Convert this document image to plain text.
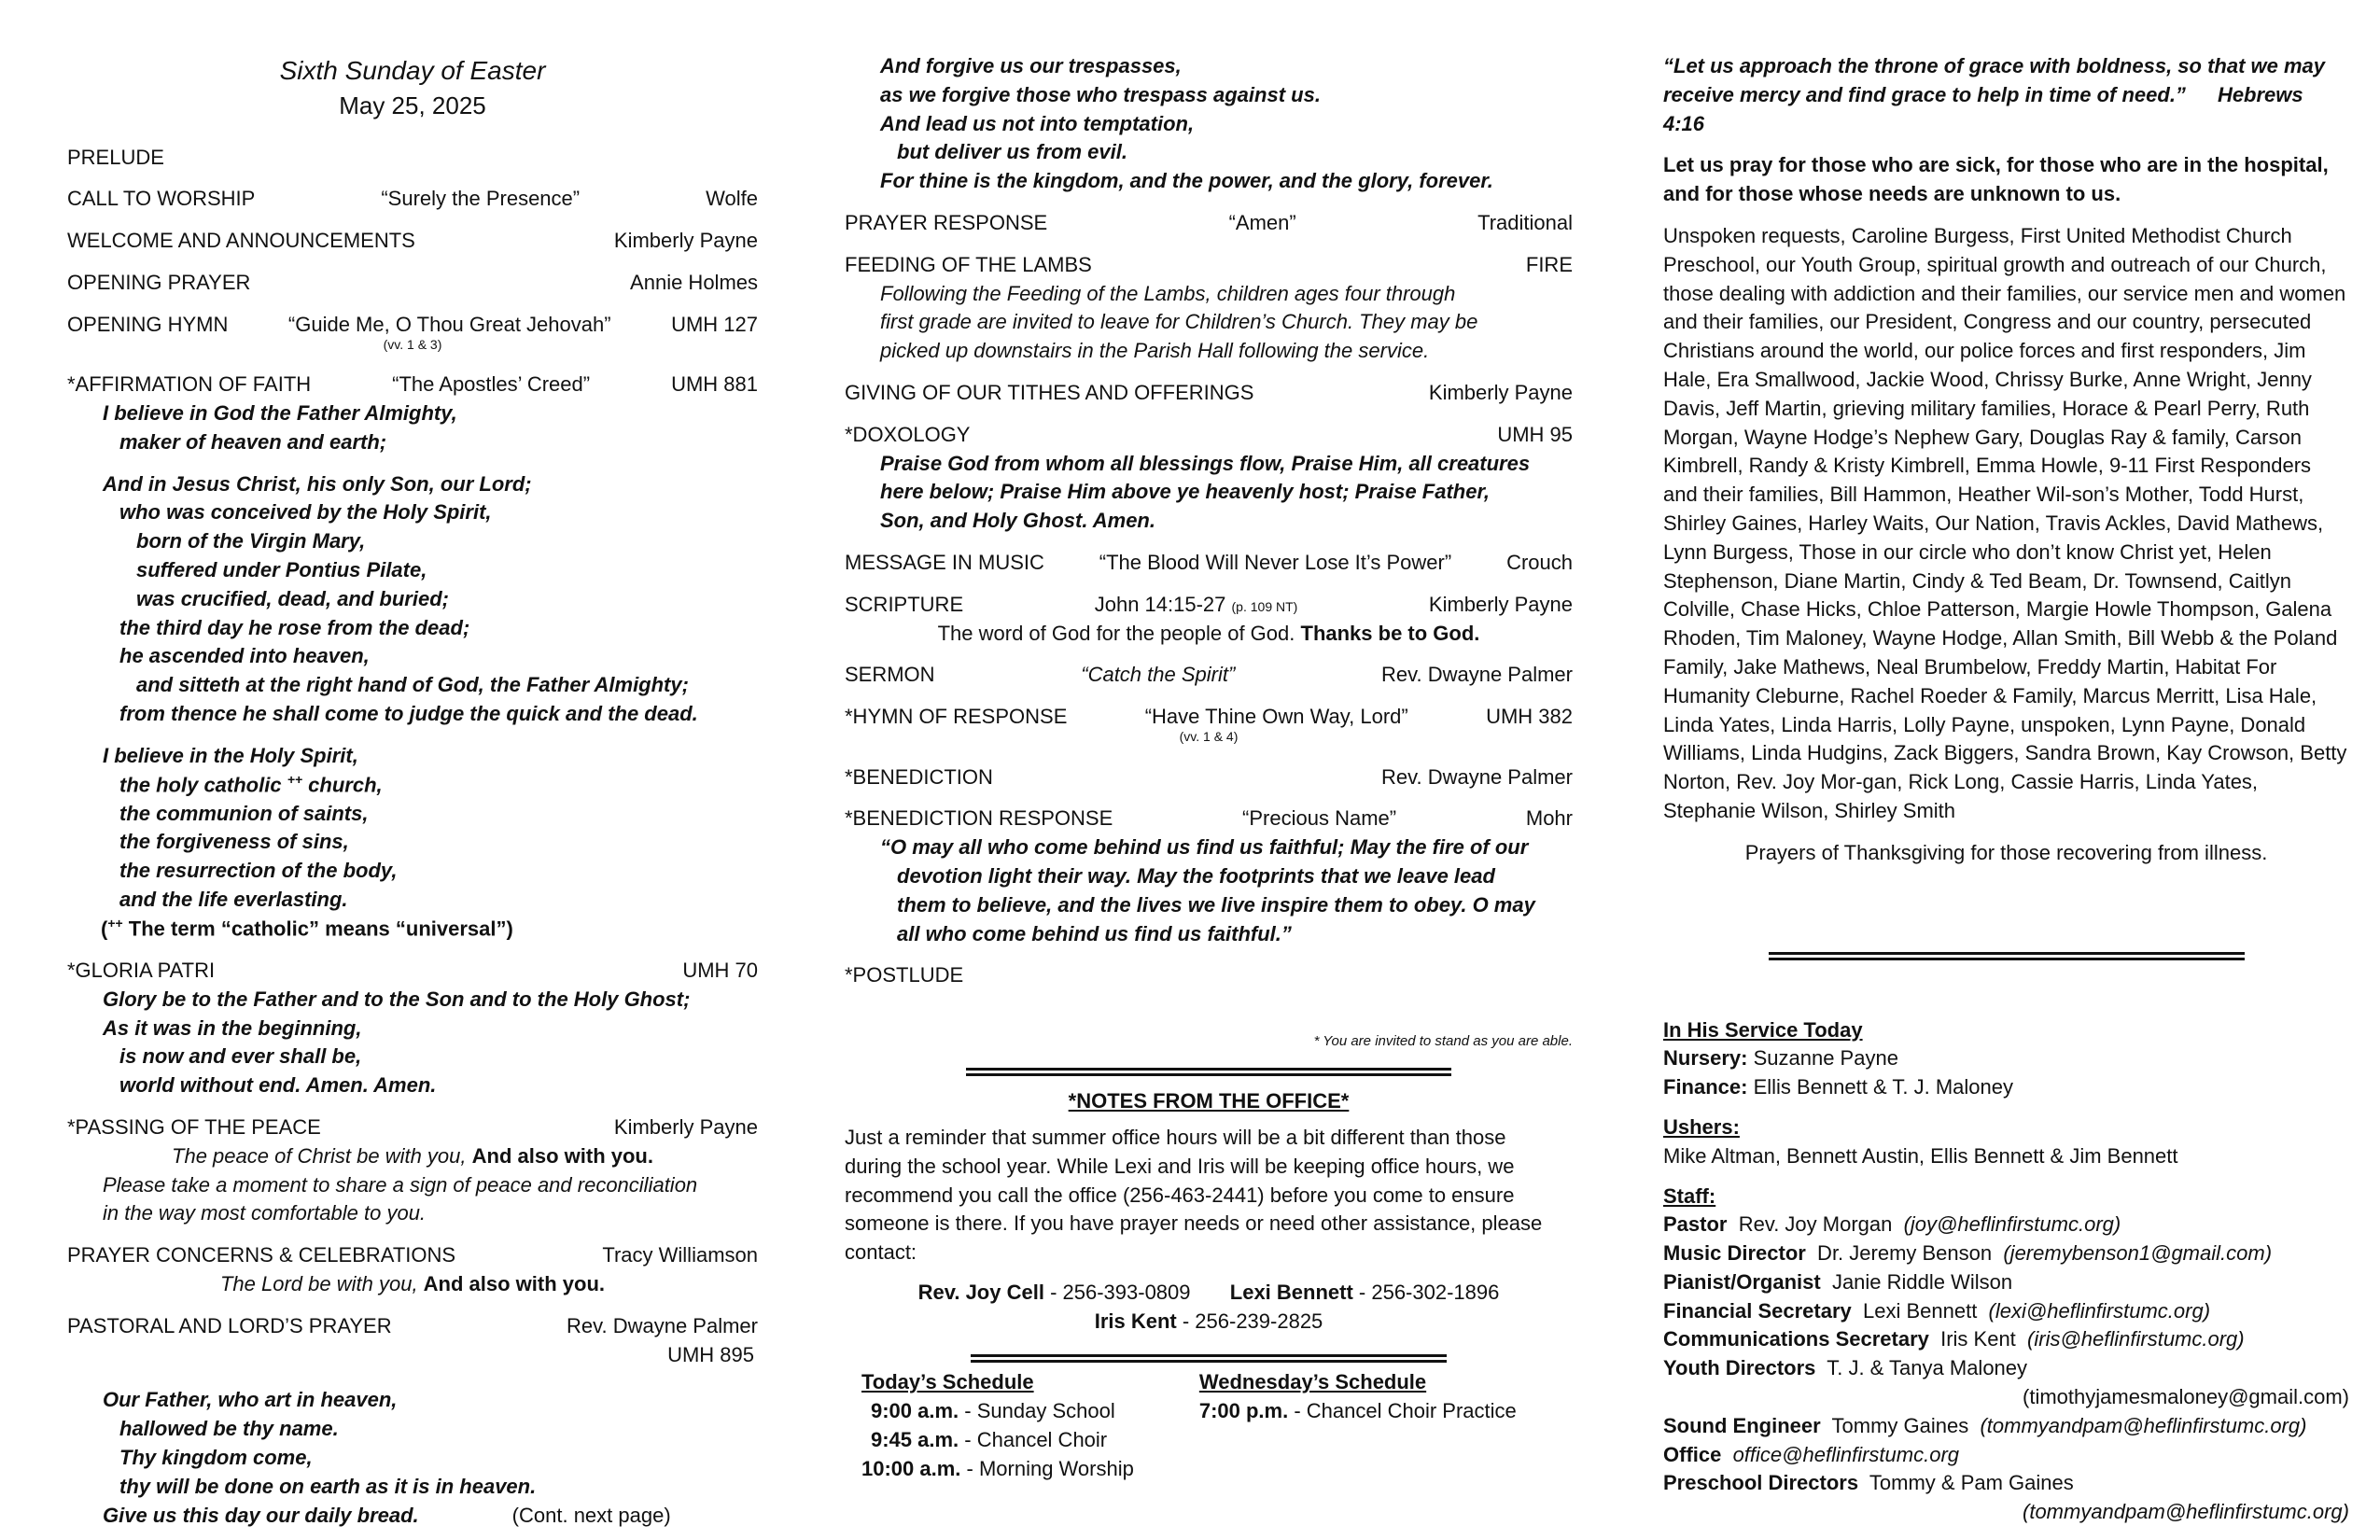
Sixth Sunday of Easter
May 25, 2025
PRELUDE
CALL TO WORSHIP	“Surely the Presence”	Wolfe
WELCOME AND ANNOUNCEMENTS	Kimberly Payne
OPENING PRAYER	Annie Holmes
OPENING HYMN	“Guide Me, O Thou Great Jehovah”	UMH 127
(vv. 1 & 3)
*AFFIRMATION OF FAITH	“The Apostles’ Creed”	UMH 881
I believe in God the Father Almighty,
maker of heaven and earth;
And in Jesus Christ, his only Son, our Lord;
who was conceived by the Holy Spirit,
born of the Virgin Mary,
suffered under Pontius Pilate,
was crucified, dead, and buried;
the third day he rose from the dead;
he ascended into heaven,
and sitteth at the right hand of God, the Father Almighty;
from thence he shall come to judge the quick and the dead.
I believe in the Holy Spirit,
the holy catholic ++ church,
the communion of saints,
the forgiveness of sins,
the resurrection of the body,
and the life everlasting.
(++ The term “catholic” means “universal”)
*GLORIA PATRI	UMH 70
Glory be to the Father and to the Son and to the Holy Ghost;
As it was in the beginning,
is now and ever shall be,
world without end. Amen. Amen.
*PASSING OF THE PEACE	Kimberly Payne
The peace of Christ be with you, And also with you.
Please take a moment to share a sign of peace and reconciliation
in the way most comfortable to you.
PRAYER CONCERNS & CELEBRATIONS	Tracy Williamson
The Lord be with you, And also with you.
PASTORAL AND LORD’S PRAYER	Rev. Dwayne Palmer
UMH 895
Our Father, who art in heaven,
hallowed be thy name.
Thy kingdom come,
thy will be done on earth as it is in heaven.
Give us this day our daily bread.	(Cont. next page)
And forgive us our trespasses,
as we forgive those who trespass against us.
And lead us not into temptation,
but deliver us from evil.
For thine is the kingdom, and the power, and the glory, forever.
PRAYER RESPONSE	“Amen”	Traditional
FEEDING OF THE LAMBS	FIRE
Following the Feeding of the Lambs, children ages four through
first grade are invited to leave for Children’s Church. They may be
picked up downstairs in the Parish Hall following the service.
GIVING OF OUR TITHES AND OFFERINGS	Kimberly Payne
*DOXOLOGY	UMH 95
Praise God from whom all blessings flow, Praise Him, all creatures
here below; Praise Him above ye heavenly host; Praise Father,
Son, and Holy Ghost. Amen.
MESSAGE IN MUSIC	“The Blood Will Never Lose It’s Power”	Crouch
SCRIPTURE	John 14:15-27 (p. 109 NT)	Kimberly Payne
The word of God for the people of God. Thanks be to God.
SERMON	“Catch the Spirit”	Rev. Dwayne Palmer
*HYMN OF RESPONSE	“Have Thine Own Way, Lord”	UMH 382
(vv. 1 & 4)
*BENEDICTION	Rev. Dwayne Palmer
*BENEDICTION RESPONSE	“Precious Name”	Mohr
“O may all who come behind us find us faithful; May the fire of our
devotion light their way. May the footprints that we leave lead
them to believe, and the lives we live inspire them to obey. O may
all who come behind us find us faithful.”
*POSTLUDE
* You are invited to stand as you are able.
*NOTES FROM THE OFFICE*
Just a reminder that summer office hours will be a bit different than those during the school year. While Lexi and Iris will be keeping office hours, we recommend you call the office (256-463-2441) before you come to ensure someone is there. If you have prayer needs or need other assistance, please contact:
Rev. Joy Cell - 256-393-0809 Lexi Bennett - 256-302-1896
Iris Kent - 256-239-2825
Today’s Schedule
9:00 a.m. - Sunday School
9:45 a.m. - Chancel Choir
10:00 a.m. - Morning Worship
Wednesday’s Schedule
7:00 p.m. - Chancel Choir Practice
“Let us approach the throne of grace with boldness, so that we may receive mercy and find grace to help in time of need.” Hebrews 4:16
Let us pray for those who are sick, for those who are in the hospital, and for those whose needs are unknown to us.
Unspoken requests, Caroline Burgess, First United Methodist Church Preschool, our Youth Group, spiritual growth and outreach of our Church, those dealing with addiction and their families, our service men and women and their families, our President, Congress and our country, persecuted Christians around the world, our police forces and first responders, Jim Hale, Era Smallwood, Jackie Wood, Chrissy Burke, Anne Wright, Jenny Davis, Jeff Martin, grieving military families, Horace & Pearl Perry, Ruth Morgan, Wayne Hodge’s Nephew Gary, Douglas Ray & family, Carson Kimbrell, Randy & Kristy Kimbrell, Emma Howle, 9-11 First Responders and their families, Bill Hammon, Heather Wil-son’s Mother, Todd Hurst, Shirley Gaines, Harley Waits, Our Nation, Travis Ackles, David Mathews, Lynn Burgess, Those in our circle who don’t know Christ yet, Helen Stephenson, Diane Martin, Cindy & Ted Beam, Dr. Townsend, Caitlyn Colville, Chase Hicks, Chloe Patterson, Margie Howle Thompson, Galena Rhoden, Tim Maloney, Wayne Hodge, Allan Smith, Bill Webb & the Poland Family, Jake Mathews, Neal Brumbelow, Freddy Martin, Habitat For Humanity Cleburne, Rachel Roeder & Family, Marcus Merritt, Lisa Hale, Linda Yates, Linda Harris, Lolly Payne, unspoken, Lynn Payne, Donald Williams, Linda Hudgins, Zack Biggers, Sandra Brown, Kay Crowson, Betty Norton, Rev. Joy Mor-gan, Rick Long, Cassie Harris, Linda Yates, Stephanie Wilson, Shirley Smith
Prayers of Thanksgiving for those recovering from illness.
In His Service Today
Nursery: Suzanne Payne
Finance: Ellis Bennett & T. J. Maloney
Ushers:
Mike Altman, Bennett Austin, Ellis Bennett & Jim Bennett
Staff:
Pastor  Rev. Joy Morgan  (joy@heflinfirstumc.org)
Music Director  Dr. Jeremy Benson  (jeremybenson1@gmail.com)
Pianist/Organist  Janie Riddle Wilson
Financial Secretary  Lexi Bennett  (lexi@heflinfirstumc.org)
Communications Secretary  Iris Kent  (iris@heflinfirstumc.org)
Youth Directors  T. J. & Tanya Maloney
(timothyjamesmaloney@gmail.com)
Sound Engineer  Tommy Gaines  (tommyandpam@heflinfirstumc.org)
Office  office@heflinfirstumc.org
Preschool Directors  Tommy & Pam Gaines
(tommyandpam@heflinfirstumc.org)
